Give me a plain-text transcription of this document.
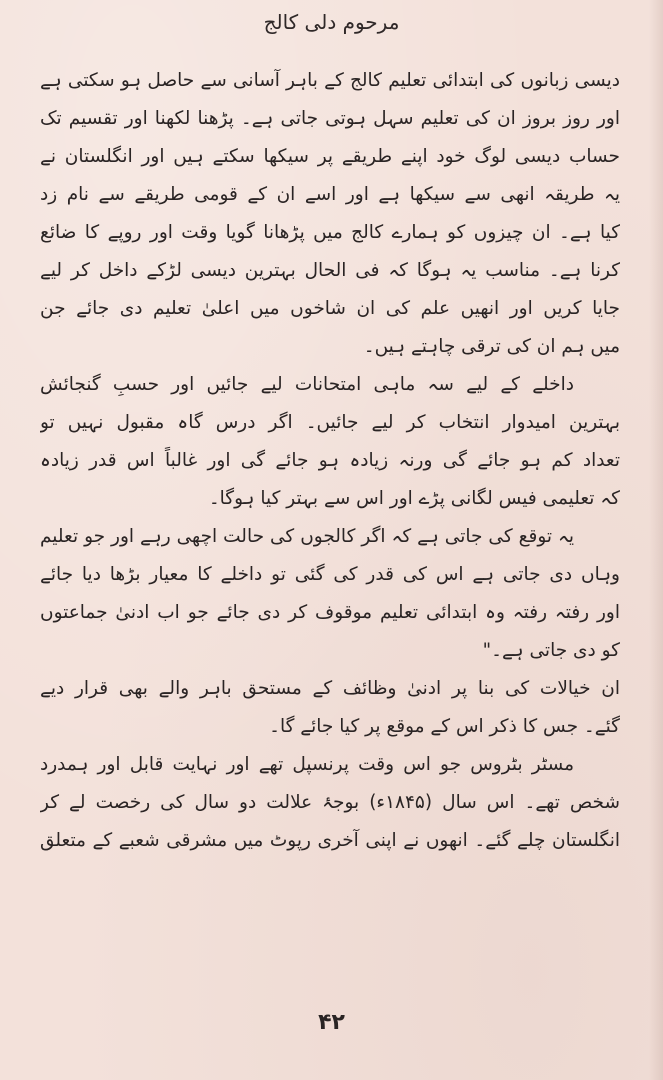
مرحوم دلی کالج
دیسی زبانوں کی ابتدائی تعلیم کالج کے باہر آسانی سے حاصل ہو سکتی ہے
اور روز بروز ان کی تعلیم سہل ہوتی جاتی ہے۔ پڑھنا لکھنا اور تقسیم تک
حساب دیسی لوگ خود اپنے طریقے پر سیکھا سکتے ہیں اور انگلستان نے
یہ طریقہ انھی سے سیکھا ہے اور اسے ان کے قومی طریقے سے نام زد
کیا ہے۔ ان چیزوں کو ہمارے کالج میں پڑھانا گویا وقت اور روپے کا ضائع
کرنا ہے۔ مناسب یہ ہوگا کہ فی الحال بہترین دیسی لڑکے داخل کر لیے
جایا کریں اور انھیں علم کی ان شاخوں میں اعلیٰ تعلیم دی جائے جن
میں ہم ان کی ترقی چاہتے ہیں۔
داخلے کے لیے سہ ماہی امتحانات لیے جائیں اور حسبِ گنجائش
بہترین امیدوار انتخاب کر لیے جائیں۔ اگر درس گاہ مقبول نہیں تو
تعداد کم ہو جائے گی ورنہ زیادہ ہو جائے گی اور غالباً اس قدر زیادہ
کہ تعلیمی فیس لگانی پڑے اور اس سے بہتر کیا ہوگا۔
یہ توقع کی جاتی ہے کہ اگر کالجوں کی حالت اچھی رہے اور جو تعلیم
وہاں دی جاتی ہے اس کی قدر کی گئی تو داخلے کا معیار بڑھا دیا جائے
اور رفتہ رفتہ وہ ابتدائی تعلیم موقوف کر دی جائے جو اب ادنیٰ جماعتوں
کو دی جاتی ہے۔"
ان خیالات کی بنا پر ادنیٰ وظائف کے مستحق باہر والے بھی قرار دیے
گئے۔ جس کا ذکر اس کے موقع پر کیا جائے گا۔
مسٹر بٹروس جو اس وقت پرنسپل تھے اور نہایت قابل اور ہمدرد
شخص تھے۔ اس سال (۱۸۴۵ء) بوجۂ علالت دو سال کی رخصت لے کر
انگلستان چلے گئے۔ انھوں نے اپنی آخری رپوٹ میں مشرقی شعبے کے متعلق
۴۲
